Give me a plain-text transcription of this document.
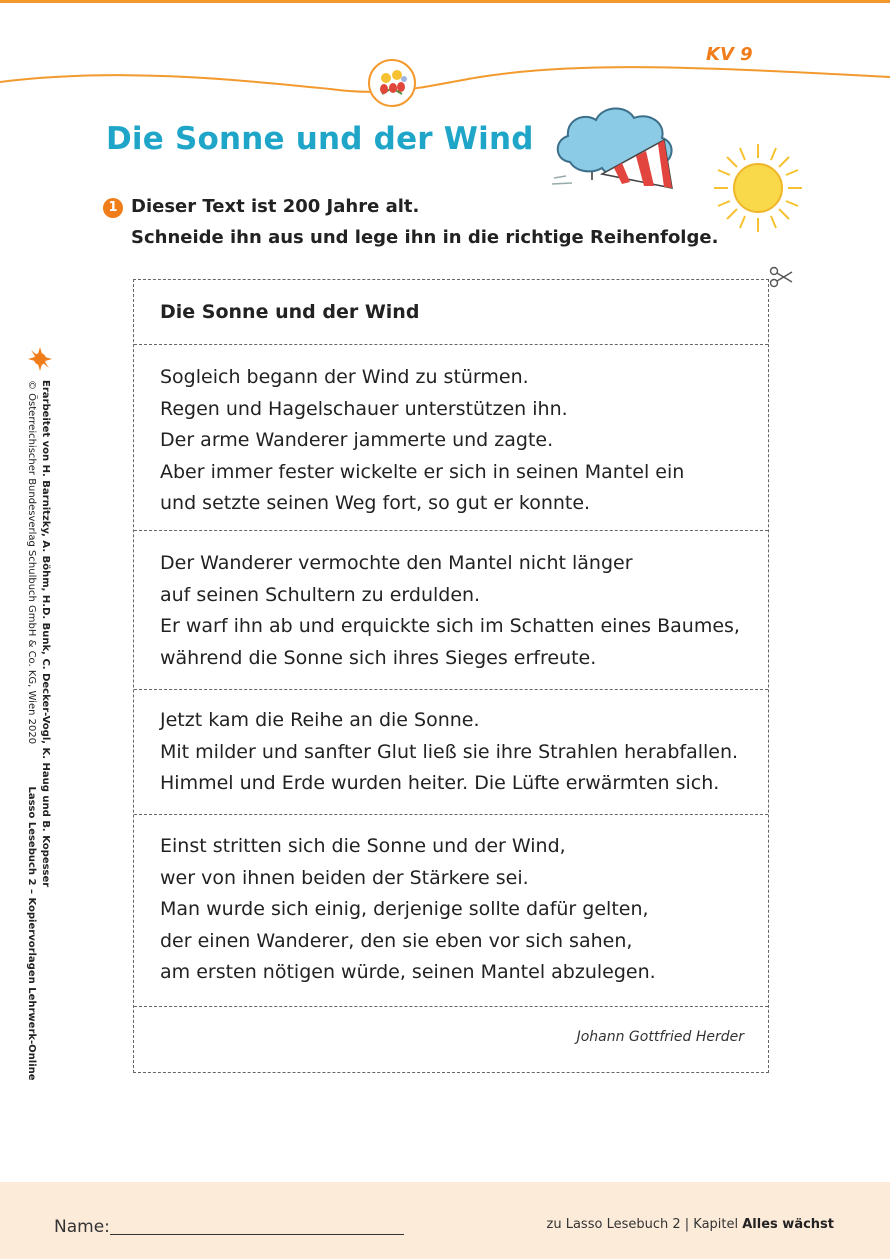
KV 9
Die Sonne und der Wind
1 Dieser Text ist 200 Jahre alt.
Schneide ihn aus und lege ihn in die richtige Reihenfolge.
Die Sonne und der Wind
Sogleich begann der Wind zu stürmen.
Regen und Hagelschauer unterstützen ihn.
Der arme Wanderer jammerte und zagte.
Aber immer fester wickelte er sich in seinen Mantel ein
und setzte seinen Weg fort, so gut er konnte.
Der Wanderer vermochte den Mantel nicht länger
auf seinen Schultern zu erdulden.
Er warf ihn ab und erquickte sich im Schatten eines Baumes,
während die Sonne sich ihres Sieges erfreute.
Jetzt kam die Reihe an die Sonne.
Mit milder und sanfter Glut ließ sie ihre Strahlen herabfallen.
Himmel und Erde wurden heiter. Die Lüfte erwärmten sich.
Einst stritten sich die Sonne und der Wind,
wer von ihnen beiden der Stärkere sei.
Man wurde sich einig, derjenige sollte dafür gelten,
der einen Wanderer, den sie eben vor sich sahen,
am ersten nötigen würde, seinen Mantel abzulegen.
Johann Gottfried Herder
© Österreichischer Bundesverlag Schulbuch GmbH & Co. KG, Wien 2020  Lasso Lesebuch 2 – Kopiervorlagen Lehrwerk-Online
Erarbeitet von H. Barnitzky, A. Böhm, H.D. Bunk, C. Decker-Vogl, K. Haug und B. Kopesser
Name:	zu Lasso Lesebuch 2 | Kapitel Alles wächst
